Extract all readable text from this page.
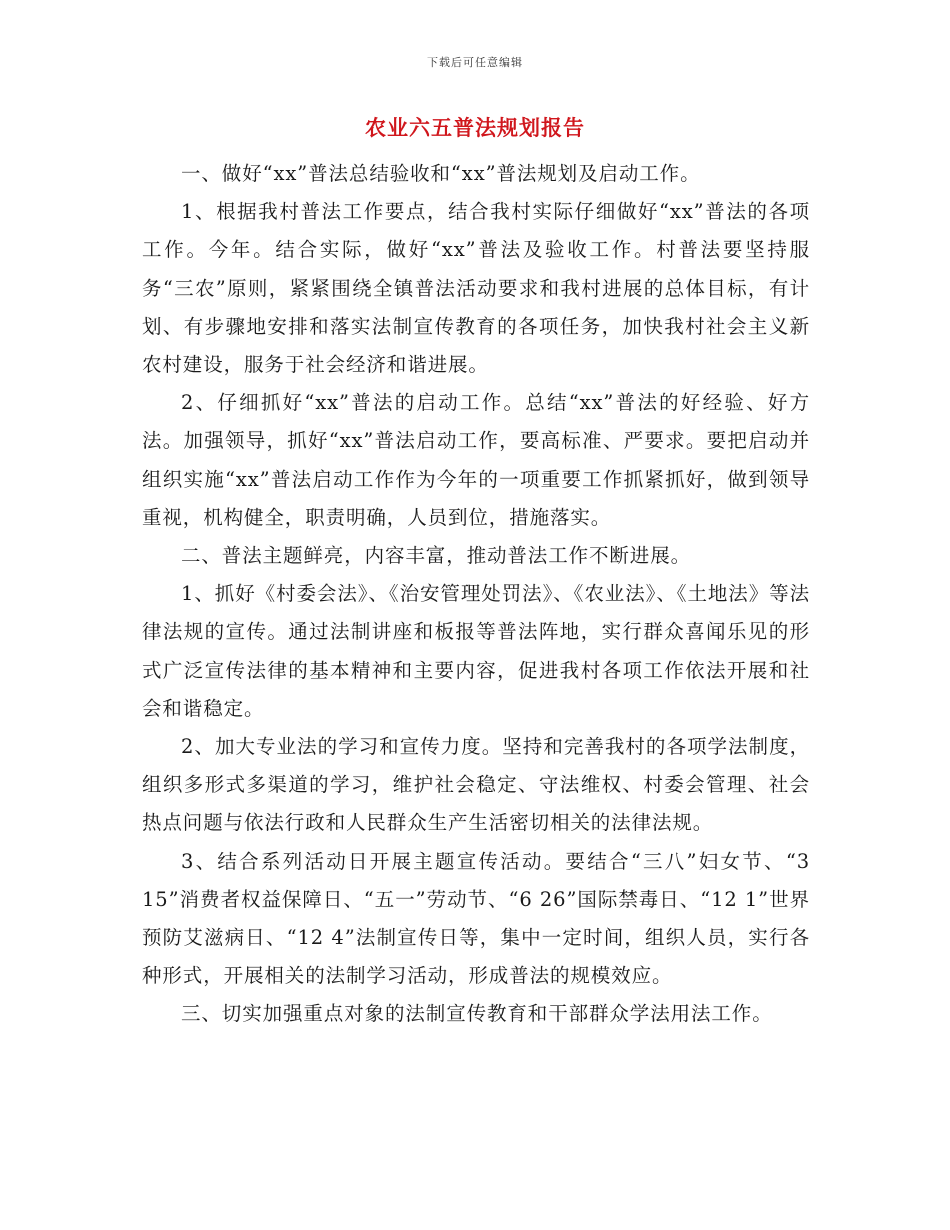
下载后可任意编辑
农业六五普法规划报告

一、做好“xx”普法总结验收和“xx”普法规划及启动工作。

1、根据我村普法工作要点，结合我村实际仔细做好“xx”普法的各项工作。今年。结合实际，做好“xx”普法及验收工作。村普法要坚持服务“三农”原则，紧紧围绕全镇普法活动要求和我村进展的总体目标，有计划、有步骤地安排和落实法制宣传教育的各项任务，加快我村社会主义新农村建设，服务于社会经济和谐进展。

2、仔细抓好“xx”普法的启动工作。总结“xx”普法的好经验、好方法。加强领导，抓好“xx”普法启动工作，要高标准、严要求。要把启动并组织实施“xx”普法启动工作作为今年的一项重要工作抓紧抓好，做到领导重视，机构健全，职责明确，人员到位，措施落实。

二、普法主题鲜亮，内容丰富，推动普法工作不断进展。

1、抓好《村委会法》、《治安管理处罚法》、《农业法》、《土地法》等法律法规的宣传。通过法制讲座和板报等普法阵地，实行群众喜闻乐见的形式广泛宣传法律的基本精神和主要内容，促进我村各项工作依法开展和社会和谐稳定。

2、加大专业法的学习和宣传力度。坚持和完善我村的各项学法制度，组织多形式多渠道的学习，维护社会稳定、守法维权、村委会管理、社会热点问题与依法行政和人民群众生产生活密切相关的法律法规。

3、结合系列活动日开展主题宣传活动。要结合“三八”妇女节、“3 15”消费者权益保障日、“五一”劳动节、“6 26”国际禁毒日、“12 1”世界预防艾滋病日、“12 4”法制宣传日等，集中一定时间，组织人员，实行各种形式，开展相关的法制学习活动，形成普法的规模效应。

三、切实加强重点对象的法制宣传教育和干部群众学法用法工作。
